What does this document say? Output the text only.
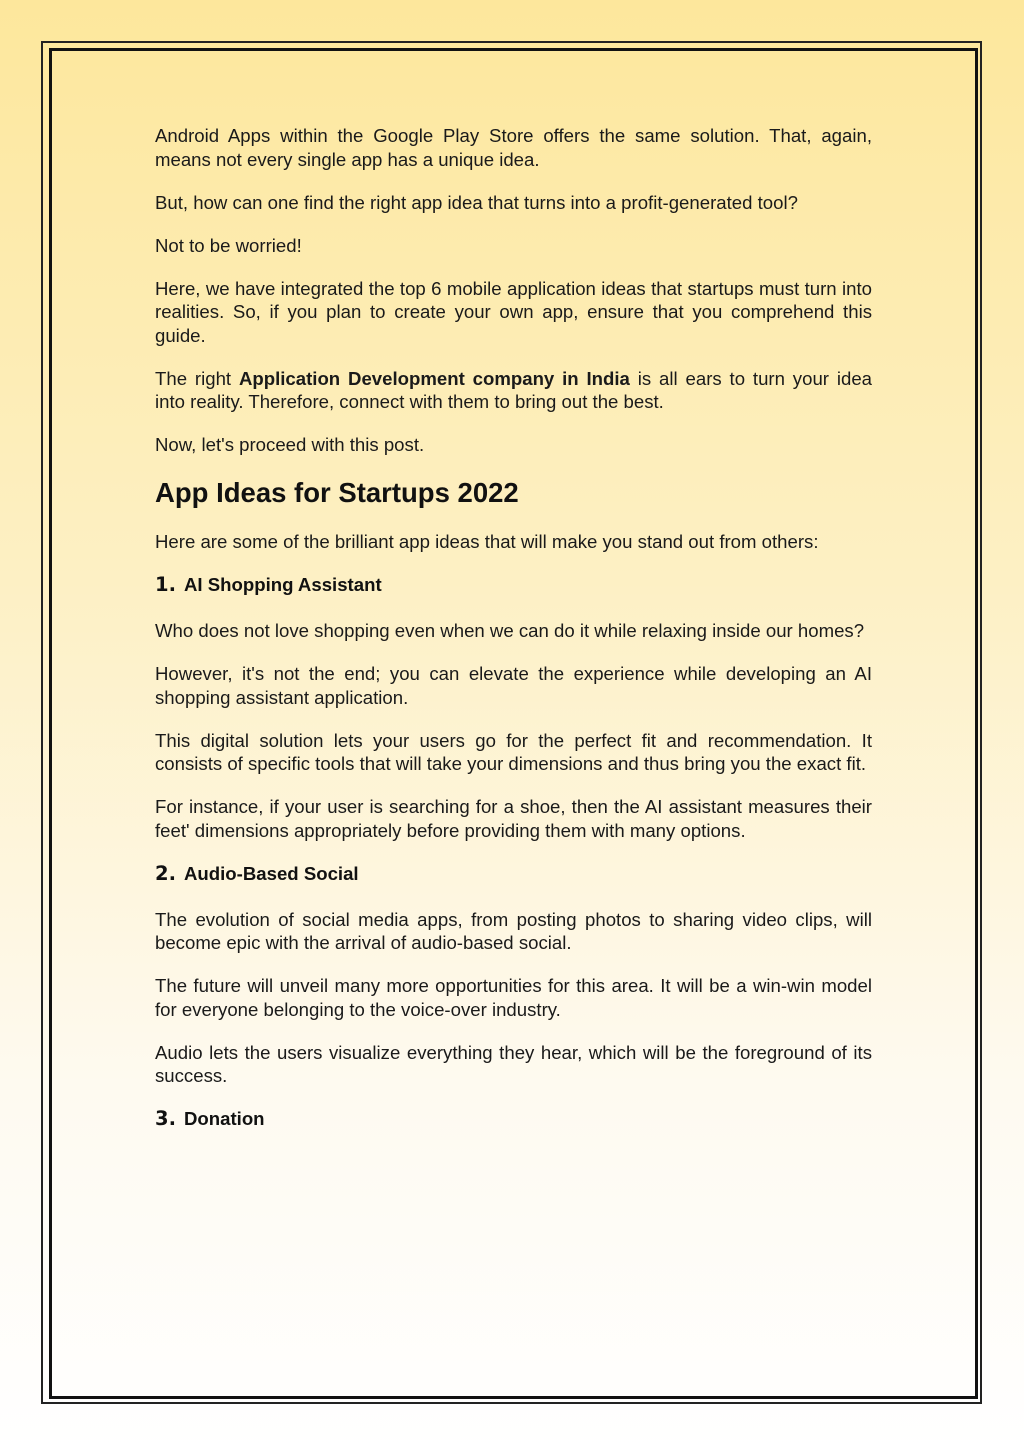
Android Apps within the Google Play Store offers the same solution. That, again, means not every single app has a unique idea.

But, how can one find the right app idea that turns into a profit-generated tool?

Not to be worried!

Here, we have integrated the top 6 mobile application ideas that startups must turn into realities. So, if you plan to create your own app, ensure that you comprehend this guide.

The right Application Development company in India is all ears to turn your idea into reality. Therefore, connect with them to bring out the best.

Now, let's proceed with this post.

App Ideas for Startups 2022

Here are some of the brilliant app ideas that will make you stand out from others:

1. AI Shopping Assistant

Who does not love shopping even when we can do it while relaxing inside our homes?

However, it's not the end; you can elevate the experience while developing an AI shopping assistant application.

This digital solution lets your users go for the perfect fit and recommendation. It consists of specific tools that will take your dimensions and thus bring you the exact fit.

For instance, if your user is searching for a shoe, then the AI assistant measures their feet' dimensions appropriately before providing them with many options.

2. Audio-Based Social

The evolution of social media apps, from posting photos to sharing video clips, will become epic with the arrival of audio-based social.

The future will unveil many more opportunities for this area. It will be a win-win model for everyone belonging to the voice-over industry.

Audio lets the users visualize everything they hear, which will be the foreground of its success.

3. Donation
